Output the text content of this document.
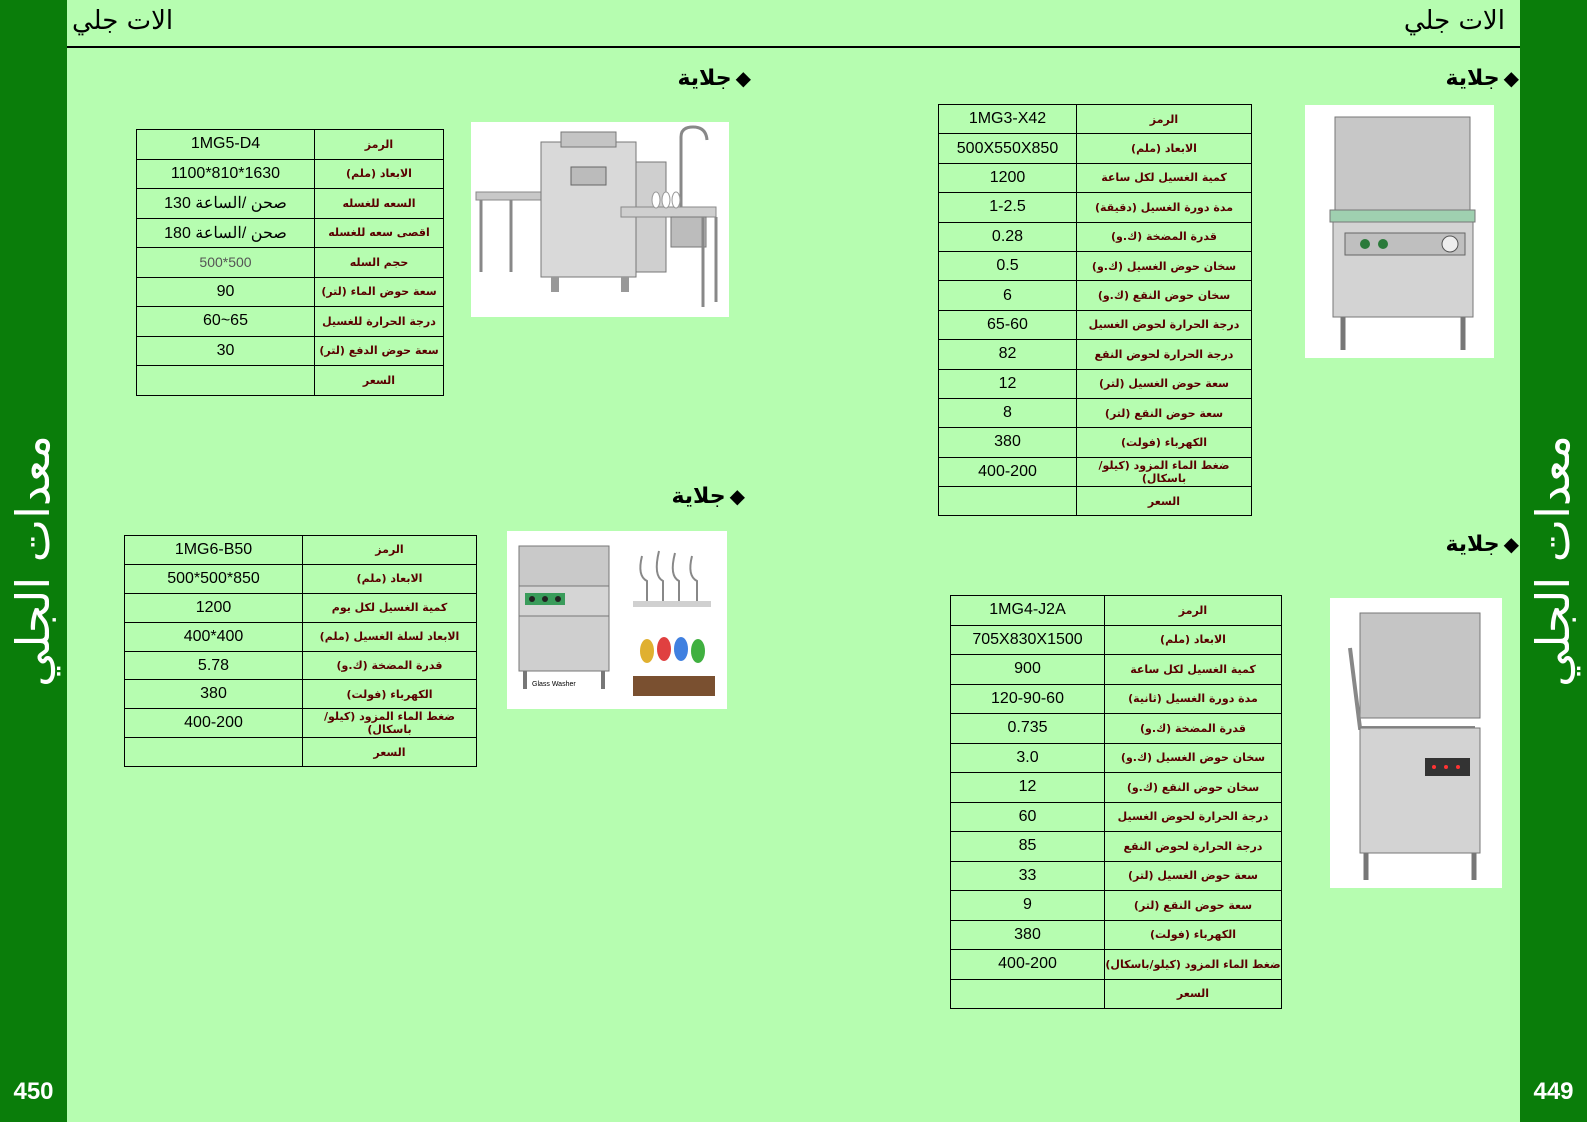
معدات الجلي
450
معدات الجلي
449
الات جلي	الات جلي
◆جلاية
◆جلاية
◆جلاية
◆جلاية
1MG5-D4	الرمز
1100*810*1630	الابعاد (ملم)
130 صحن /الساعة	السعه للغسله
180 صحن /الساعة	اقصى سعه للغسله
500*500	حجم السله
90	سعة حوض الماء (لتر)
60~65	درجة الحرارة للغسيل
30	سعة حوض الدفع (لتر)
	السعر
1MG6-B50	الرمز
500*500*850	الابعاد (ملم)
1200	كمية الغسيل لكل يوم
400*400	الابعاد لسلة الغسيل (ملم)
5.78	قدرة المضخة (ك.و)
380	الكهرباء (فولت)
400-200	ضغط الماء المزود (كيلو/باسكال)
	السعر
1MG3-X42	الرمز
500X550X850	الابعاد (ملم)
1200	كمية الغسيل لكل ساعة
1-2.5	مدة دورة الغسيل (دقيقة)
0.28	قدرة المضخة (ك.و)
0.5	سخان حوض الغسيل (ك.و)
6	سخان حوض النقع (ك.و)
65-60	درجة الحرارة لحوض الغسيل
82	درجة الحرارة لحوض النقع
12	سعة حوض الغسيل (لتر)
8	سعة حوض النقع (لتر)
380	الكهرباء (فولت)
400-200	ضغط الماء المزود (كيلو/باسكال)
	السعر
1MG4-J2A	الرمز
705X830X1500	الابعاد (ملم)
900	كمية الغسيل لكل ساعة
120-90-60	مدة دورة الغسيل (ثانية)
0.735	قدرة المضخة (ك.و)
3.0	سخان حوض الغسيل (ك.و)
12	سخان حوض النقع (ك.و)
60	درجة الحرارة لحوض الغسيل
85	درجة الحرارة لحوض النقع
33	سعة حوض الغسيل (لتر)
9	سعة حوض النقع (لتر)
380	الكهرباء (فولت)
400-200	ضغط الماء المزود (كيلو/باسكال)
	السعر
Glass Washer
